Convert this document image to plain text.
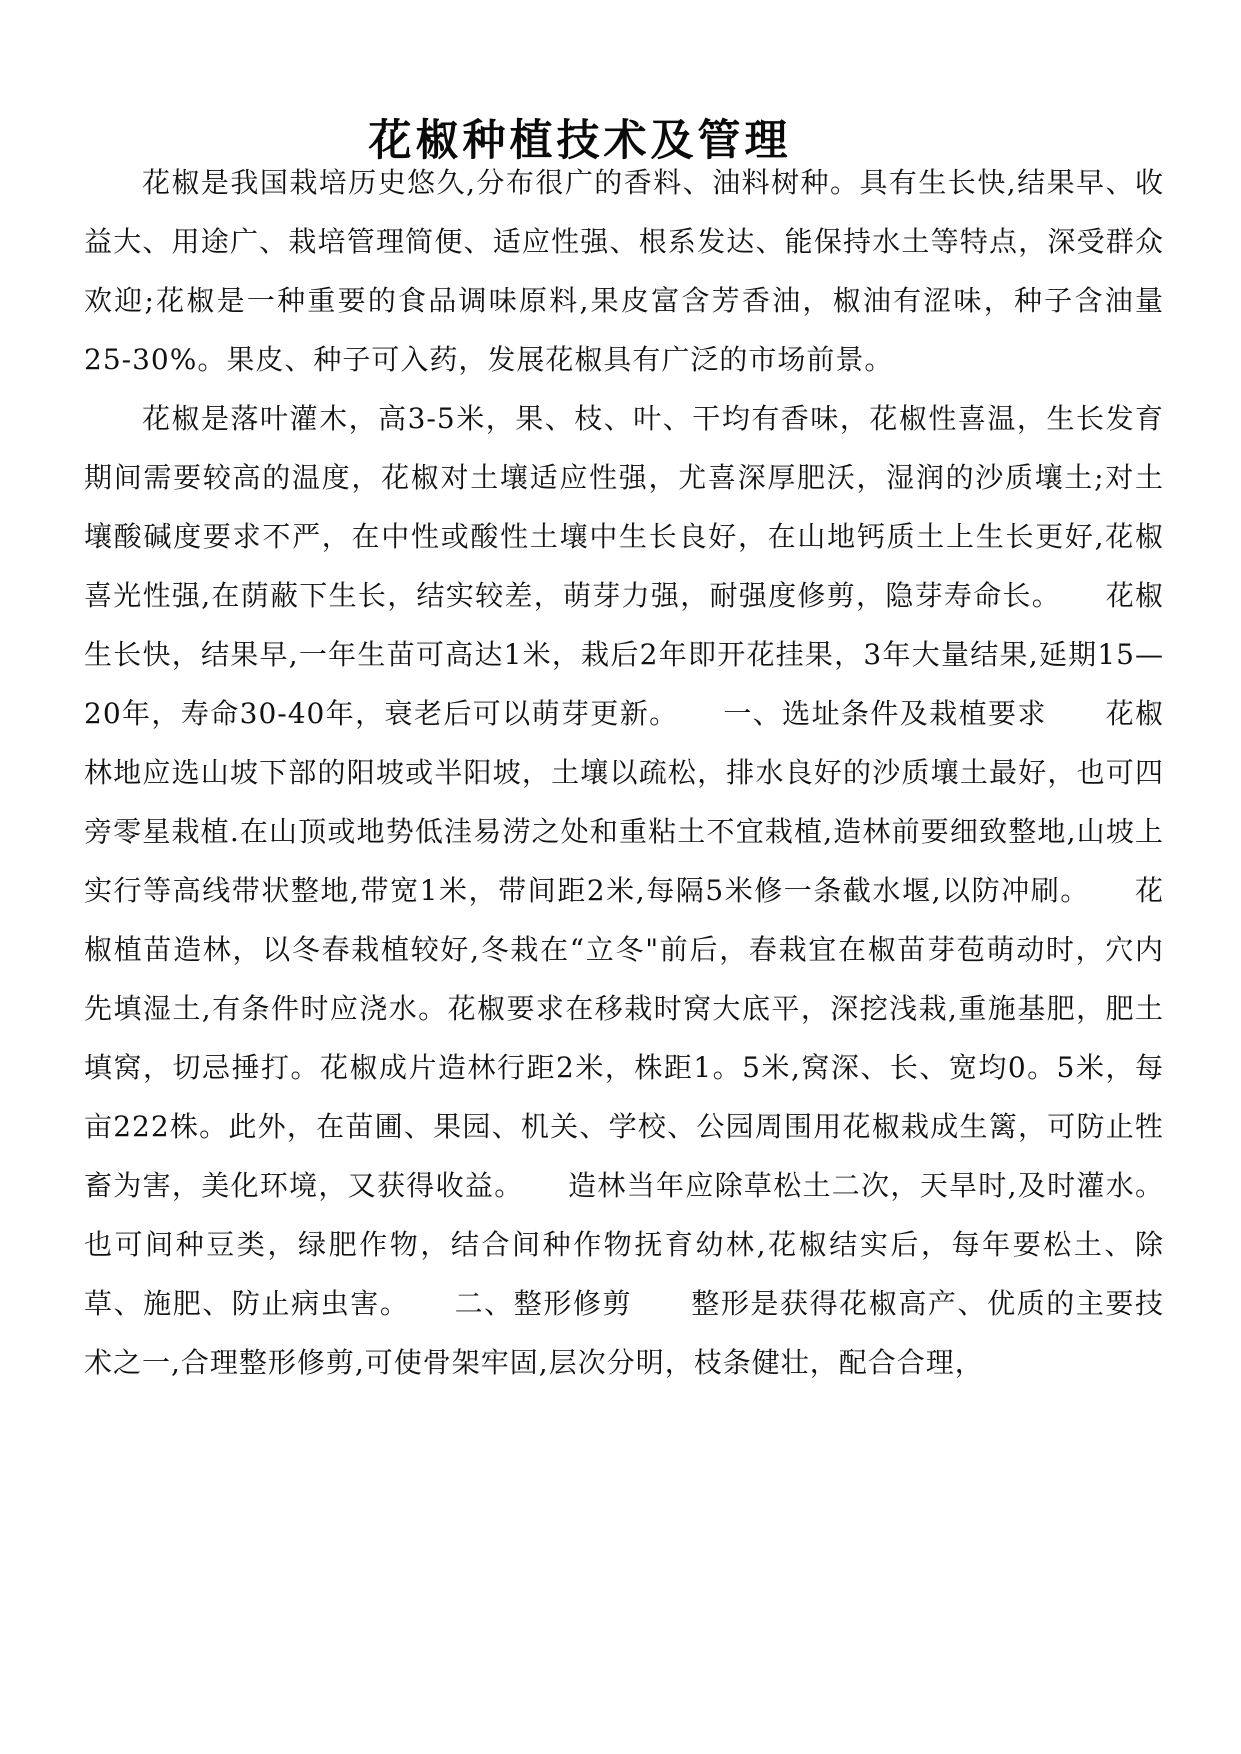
花椒种植技术及管理

花椒是我国栽培历史悠久,分布很广的香料、油料树种。具有生长快,结果早、收益大、用途广、栽培管理简便、适应性强、根系发达、能保持水土等特点，深受群众欢迎;花椒是一种重要的食品调味原料,果皮富含芳香油，椒油有涩味，种子含油量25-30%。果皮、种子可入药，发展花椒具有广泛的市场前景。

花椒是落叶灌木，高3-5米，果、枝、叶、干均有香味，花椒性喜温，生长发育期间需要较高的温度，花椒对土壤适应性强，尤喜深厚肥沃，湿润的沙质壤土;对土壤酸碱度要求不严，在中性或酸性土壤中生长良好，在山地钙质土上生长更好,花椒喜光性强,在荫蔽下生长，结实较差，萌芽力强，耐强度修剪，隐芽寿命长。　　花椒生长快，结果早,一年生苗可高达1米，栽后2年即开花挂果，3年大量结果,延期15—20年，寿命30-40年，衰老后可以萌芽更新。　　一、选址条件及栽植要求　　花椒林地应选山坡下部的阳坡或半阳坡，土壤以疏松，排水良好的沙质壤土最好，也可四旁零星栽植.在山顶或地势低洼易涝之处和重粘土不宜栽植,造林前要细致整地,山坡上实行等高线带状整地,带宽1米，带间距2米,每隔5米修一条截水堰,以防冲刷。　　花椒植苗造林，以冬春栽植较好,冬栽在“立冬"前后，春栽宜在椒苗芽苞萌动时，穴内先填湿土,有条件时应浇水。花椒要求在移栽时窝大底平，深挖浅栽,重施基肥，肥土填窝，切忌捶打。花椒成片造林行距2米，株距1。5米,窝深、长、宽均0。5米，每亩222株。此外，在苗圃、果园、机关、学校、公园周围用花椒栽成生篱，可防止牲畜为害，美化环境，又获得收益。　　造林当年应除草松土二次，天旱时,及时灌水。也可间种豆类，绿肥作物，结合间种作物抚育幼林,花椒结实后，每年要松土、除草、施肥、防止病虫害。　　二、整形修剪　　整形是获得花椒高产、优质的主要技术之一,合理整形修剪,可使骨架牢固,层次分明，枝条健壮，配合合理，
